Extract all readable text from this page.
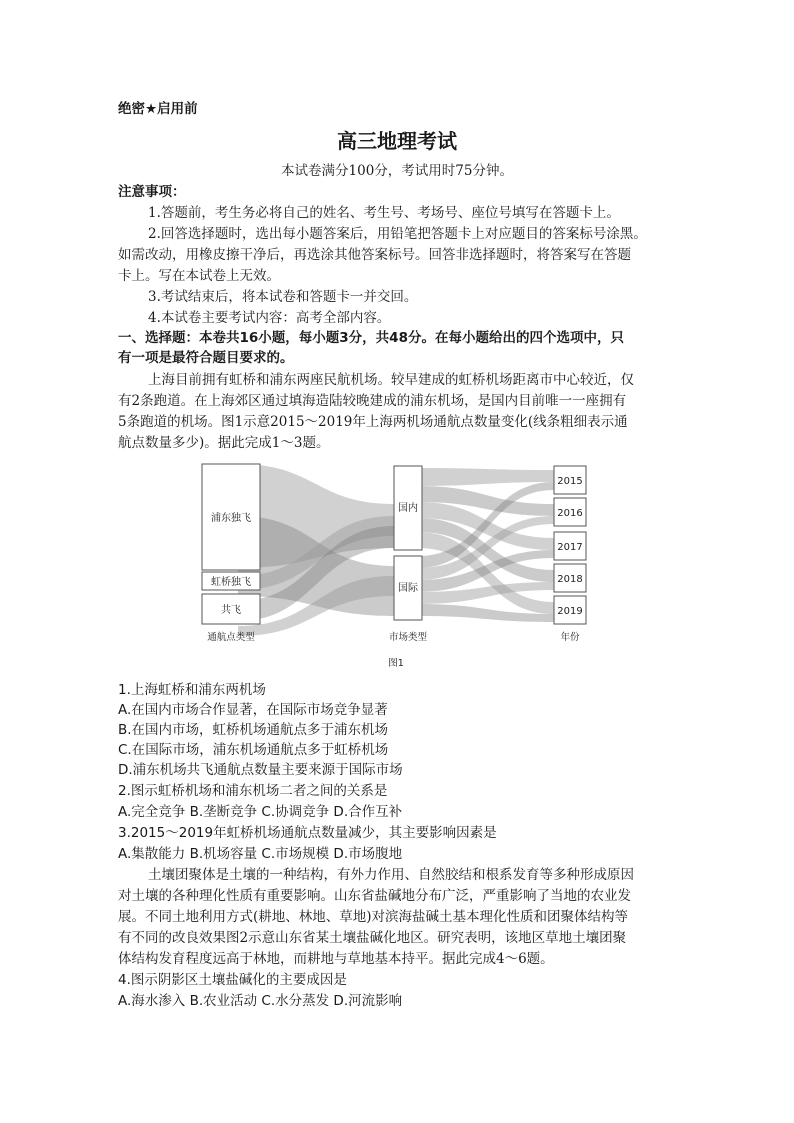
绝密★启用前
高三地理考试
本试卷满分100分，考试用时75分钟。
注意事项：
1.答题前，考生务必将自己的姓名、考生号、考场号、座位号填写在答题卡上。
2.回答选择题时，选出每小题答案后，用铅笔把答题卡上对应题目的答案标号涂黑。
如需改动，用橡皮擦干净后，再选涂其他答案标号。回答非选择题时，将答案写在答题
卡上。写在本试卷上无效。
3.考试结束后，将本试卷和答题卡一并交回。
4.本试卷主要考试内容：高考全部内容。
一、选择题：本卷共16小题，每小题3分，共48分。在每小题给出的四个选项中，只
有一项是最符合题目要求的。
上海目前拥有虹桥和浦东两座民航机场。较早建成的虹桥机场距离市中心较近，仅
有2条跑道。在上海郊区通过填海造陆较晚建成的浦东机场，是国内目前唯一一座拥有
5条跑道的机场。图1示意2015～2019年上海两机场通航点数量变化(线条粗细表示通
航点数量多少)。据此完成1～3题。
浦东独飞
虹桥独飞
共飞
国内
国际
2015
2016
2017
2018
2019
通航点类型	市场类型	年份
图1
1.上海虹桥和浦东两机场
A.在国内市场合作显著，在国际市场竞争显著
B.在国内市场，虹桥机场通航点多于浦东机场
C.在国际市场，浦东机场通航点多于虹桥机场
D.浦东机场共飞通航点数量主要来源于国际市场
2.图示虹桥机场和浦东机场二者之间的关系是
A.完全竞争 B.垄断竞争 C.协调竞争 D.合作互补
3.2015～2019年虹桥机场通航点数量减少，其主要影响因素是
A.集散能力 B.机场容量 C.市场规模 D.市场腹地
土壤团聚体是土壤的一种结构，有外力作用、自然胶结和根系发育等多种形成原因
对土壤的各种理化性质有重要影响。山东省盐碱地分布广泛，严重影响了当地的农业发
展。不同土地利用方式(耕地、林地、草地)对滨海盐碱土基本理化性质和团聚体结构等
有不同的改良效果图2示意山东省某土壤盐碱化地区。研究表明，该地区草地土壤团聚
体结构发育程度远高于林地，而耕地与草地基本持平。据此完成4～6题。
4.图示阴影区土壤盐碱化的主要成因是
A.海水渗入 B.农业活动 C.水分蒸发 D.河流影响
